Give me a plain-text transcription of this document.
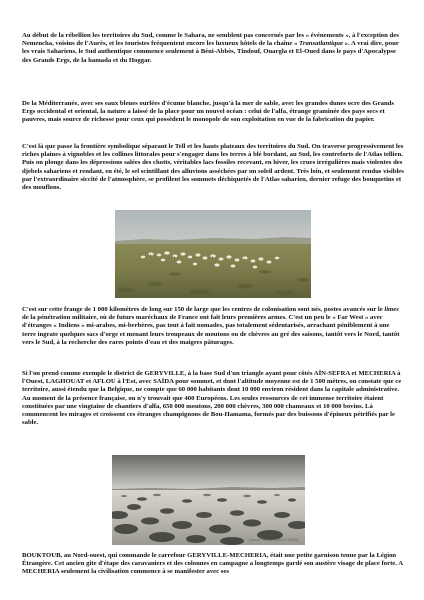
Au début de la rébellion les territoires du Sud, comme le Sahara, ne semblent pas concernés par les « événements », à l'exception des Nemencha, voisins de l'Aurès, et les touristes fréquentent encore les luxueux hôtels de la chaîne « Transatlantique ». A vrai dire, pour les vrais Sahariens, le Sud authentique commence seulement à Béni-Abbès, Tindouf, Ouargla et El-Oued dans le pays d'Apocalypse des Grands Ergs, de la hamada et du Hoggar.

De la Méditerranée, avec ses eaux bleues ourlées d'écume blanche, jusqu'à la mer de sable, avec les grandes dunes ocre des Grands Ergs occidental et oriental, la nature a laissé de la place pour un nouvel océan : celui de l'alfa, étrange graminée des pays secs et pauvres, mais source de richesse pour ceux qui possèdent le monopole de son exploitation en vue de la fabrication du papier.

C'est là que passe la frontière symbolique séparant le Tell et les hauts plateaux des territoires du Sud. On traverse progressivement les riches plaines à vignobles et les collines littorales pour s'engager dans les terres à blé bordant, au Sud, les contreforts de l'Atlas tellien. Puis on plonge dans les dépressions salées des chotts, véritables lacs fossiles recevant, en hiver, les crues irrégulières mais violentes des djebels sahariens et rendant, en été, le sel scintillant des alluvions asséchées par un soleil ardent. Très loin, et seulement rendus visibles par l'extraordinaire siccité de l'atmosphère, se profilent les sommets déchiquetés de l'Atlas saharien, dernier refuge des bouquetins et des mouflons.

C'est sur cette frange de 1 000 kilomètres de long sur 150 de large que les centres de colonisation sont nés, postes avancés sur le limes de la pénétration militaire, où de futurs maréchaux de France ont fait leurs premières armes. C'est un peu le « Far West » avec d'étranges « Indiens » mi-arabes, mi-berbères, pas tout à fait nomades, pas totalement sédentarisés, arrachant péniblement à une terre ingrate quelques sacs d'orge et menant leurs troupeaux de moutons ou de chèvres au gré des saisons, tantôt vers le Nord, tantôt vers le Sud, à la recherche des rares points d'eau et des maigres pâturages.

Si l'on prend comme exemple le district de GERYVILLE, à la base Sud d'un triangle ayant pour côtés AÏN-SEFRA et MECHERIA à l'Ouest, LAGHOUAT et AFLOU à l'Est, avec SAÏDA pour sommet, et dont l'altitude moyenne est de 1 500 mètres, on constate que ce territoire, aussi étendu que la Belgique, ne compte que 60 000 habitants dont 10 000 environ résident dans la capitale administrative. Au moment de la présence française, on n'y trouvait que 400 Européens. Les seules ressources de cet immense territoire étaient constituées par une vingtaine de chantiers d'alfa, 650 000 moutons, 200 000 chèvres, 300 000 chameaux et 10 000 bovins. Là commencent les mirages et croissent ces étranges champignons de Bou-Hamama, formés par des buissons d'épineux pétrifiés par le sable.

Source: cartepostale.fr / CIRAD

BOUKTOUB, au Nord-ouest, qui commande le carrefour GERYVILLE-MECHERIA, était une petite garnison tenue par la Légion Étrangère. Cet ancien gîte d'étape des caravaniers et des colonnes en campagne a longtemps gardé son austère visage de place forte. A MECHERIA seulement la civilisation commence à se manifester avec ses
